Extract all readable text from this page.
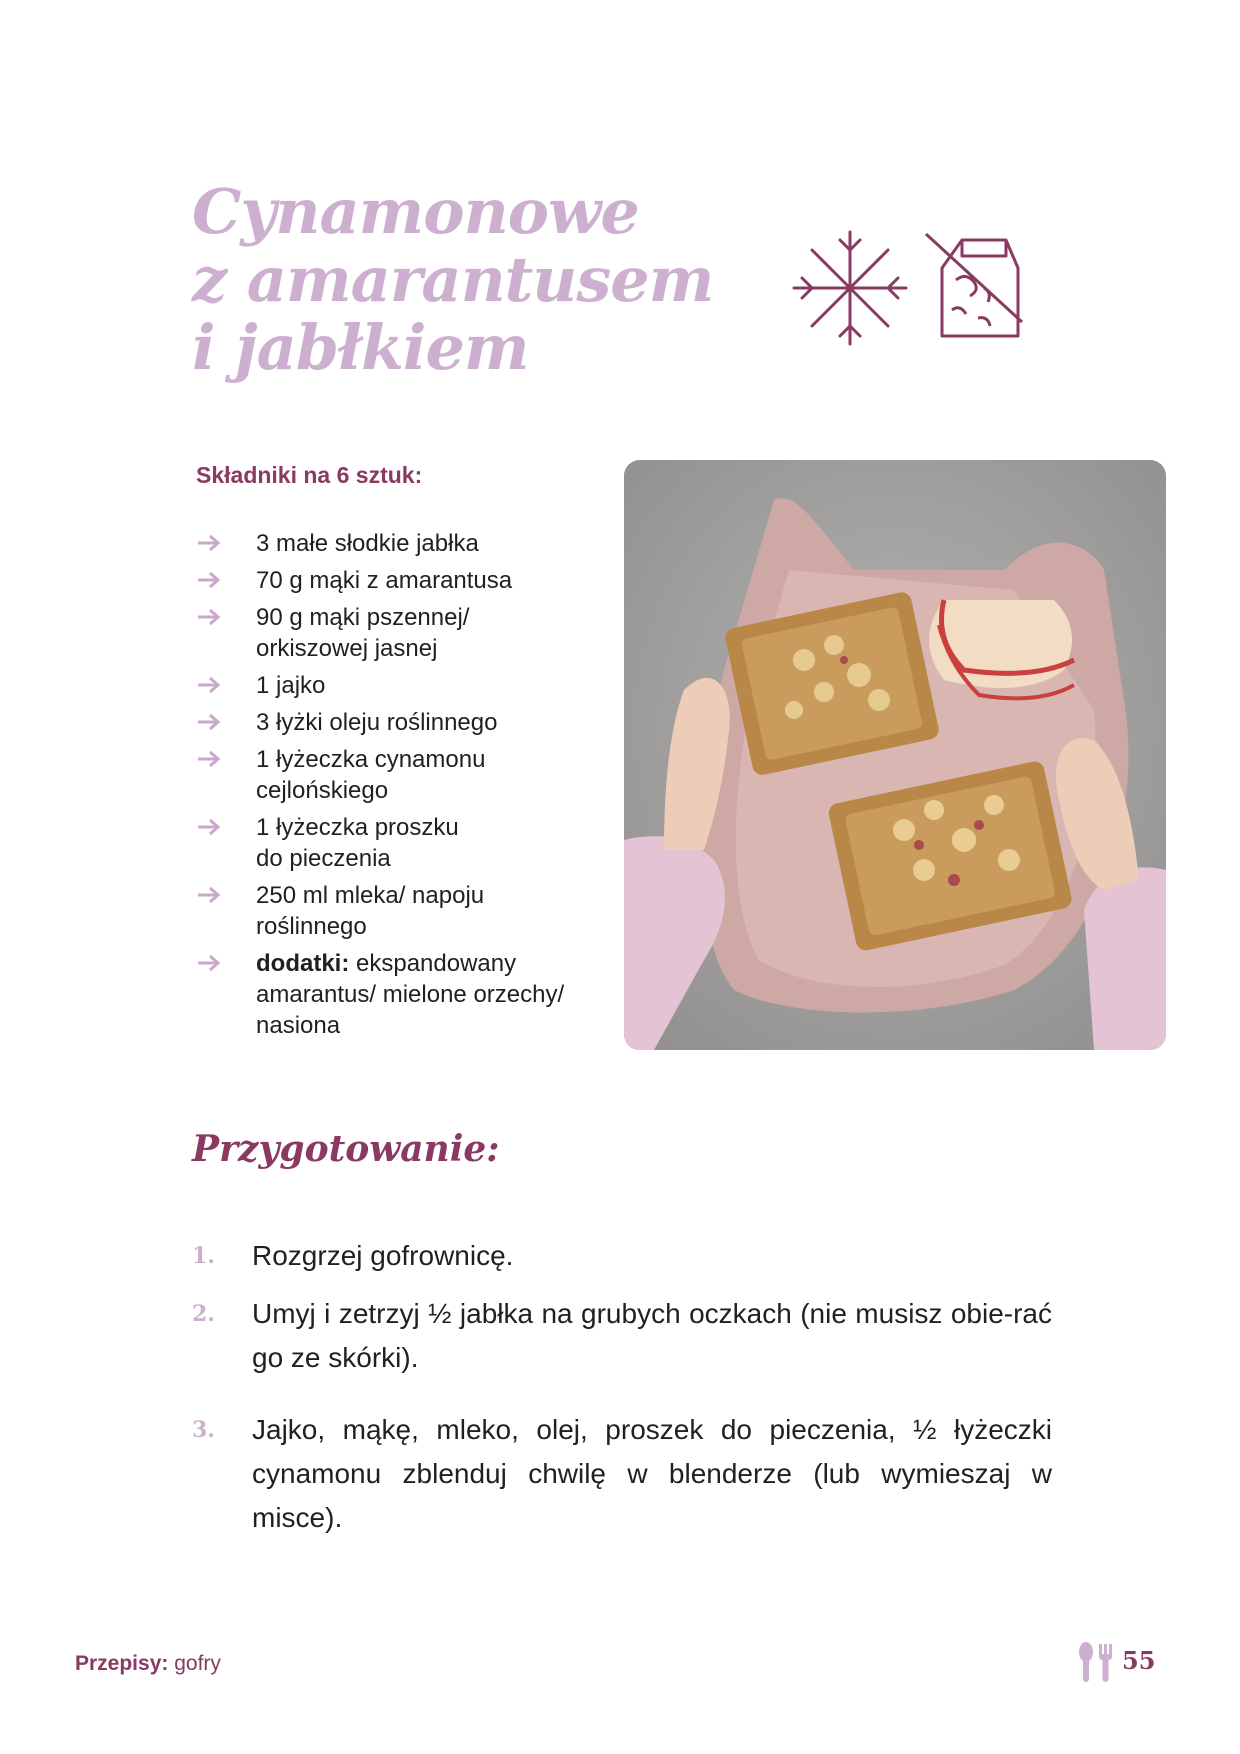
Cynamonowe
z amarantusem
i jabłkiem
Składniki na 6 sztuk:
3 małe słodkie jabłka
70 g mąki z amarantusa
90 g mąki pszennej/
orkiszowej jasnej
1 jajko
3 łyżki oleju roślinnego
1 łyżeczka cynamonu
cejlońskiego
1 łyżeczka proszku
do pieczenia
250 ml mleka/ napoju
roślinnego
dodatki: ekspandowany
amarantus/ mielone orzechy/
nasiona
Przygotowanie:
1. Rozgrzej gofrownicę.
2. Umyj i zetrzyj ½ jabłka na grubych oczkach (nie musisz obie-rać go ze skórki).
3. Jajko, mąkę, mleko, olej, proszek do pieczenia, ½ łyżeczki cynamonu zblenduj chwilę w blenderze (lub wymieszaj w misce).
Przepisy: gofry	55
